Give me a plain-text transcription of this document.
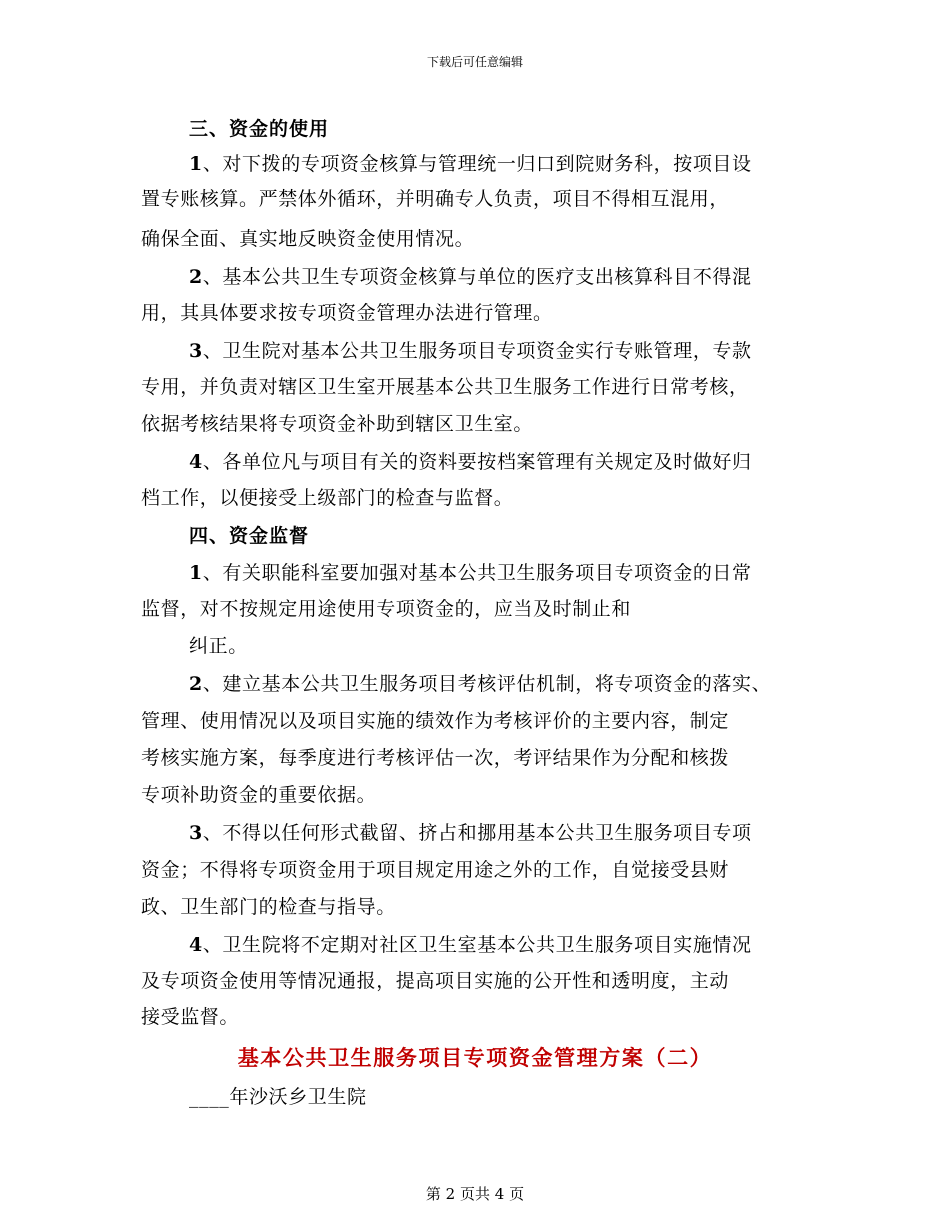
下载后可任意编辑
三、资金的使用
1、对下拨的专项资金核算与管理统一归口到院财务科，按项目设
置专账核算。严禁体外循环，并明确专人负责，项目不得相互混用，
确保全面、真实地反映资金使用情况。
2、基本公共卫生专项资金核算与单位的医疗支出核算科目不得混
用，其具体要求按专项资金管理办法进行管理。
3、卫生院对基本公共卫生服务项目专项资金实行专账管理，专款
专用，并负责对辖区卫生室开展基本公共卫生服务工作进行日常考核，
依据考核结果将专项资金补助到辖区卫生室。
4、各单位凡与项目有关的资料要按档案管理有关规定及时做好归
档工作，以便接受上级部门的检查与监督。
四、资金监督
1、有关职能科室要加强对基本公共卫生服务项目专项资金的日常
监督，对不按规定用途使用专项资金的，应当及时制止和
纠正。
2、建立基本公共卫生服务项目考核评估机制，将专项资金的落实、
管理、使用情况以及项目实施的绩效作为考核评价的主要内容，制定
考核实施方案，每季度进行考核评估一次，考评结果作为分配和核拨
专项补助资金的重要依据。
3、不得以任何形式截留、挤占和挪用基本公共卫生服务项目专项
资金；不得将专项资金用于项目规定用途之外的工作，自觉接受县财
政、卫生部门的检查与指导。
4、卫生院将不定期对社区卫生室基本公共卫生服务项目实施情况
及专项资金使用等情况通报，提高项目实施的公开性和透明度，主动
接受监督。
基本公共卫生服务项目专项资金管理方案（二）
____年沙沃乡卫生院
第 2 页共 4 页
